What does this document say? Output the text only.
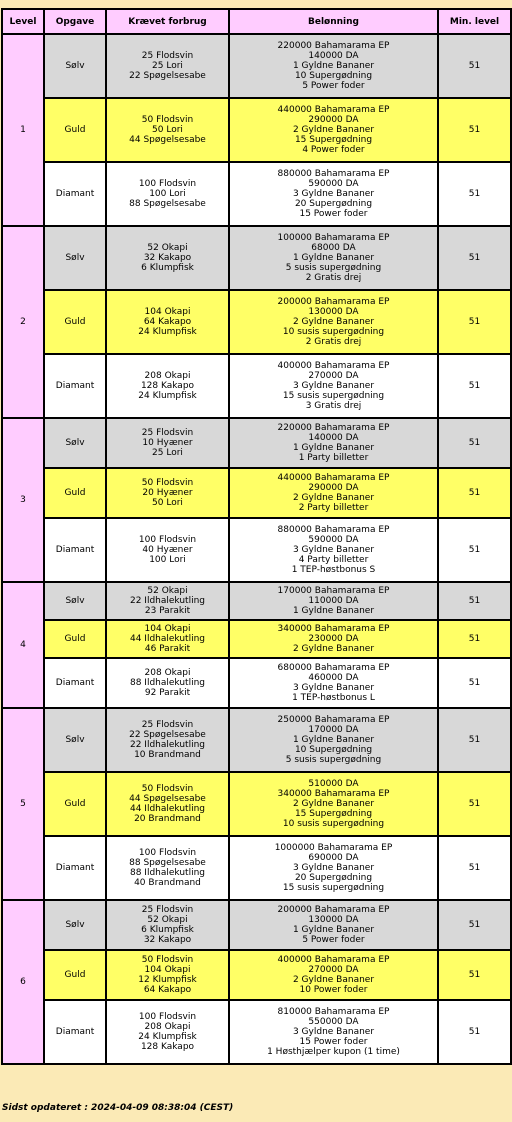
Level	Opgave	Krævet forbrug	Belønning	Min. level
1	Sølv	25 Flodsvin
25 Lori
22 Spøgelsesabe	220000 Bahamarama EP
140000 DA
1 Gyldne Bananer
10 Supergødning
5 Power foder	51
	Guld	50 Flodsvin
50 Lori
44 Spøgelsesabe	440000 Bahamarama EP
290000 DA
2 Gyldne Bananer
15 Supergødning
4 Power foder	51
	Diamant	100 Flodsvin
100 Lori
88 Spøgelsesabe	880000 Bahamarama EP
590000 DA
3 Gyldne Bananer
20 Supergødning
15 Power foder	51
2	Sølv	52 Okapi
32 Kakapo
6 Klumpfisk	100000 Bahamarama EP
68000 DA
1 Gyldne Bananer
5 susis supergødning
2 Gratis drej	51
	Guld	104 Okapi
64 Kakapo
24 Klumpfisk	200000 Bahamarama EP
130000 DA
2 Gyldne Bananer
10 susis supergødning
2 Gratis drej	51
	Diamant	208 Okapi
128 Kakapo
24 Klumpfisk	400000 Bahamarama EP
270000 DA
3 Gyldne Bananer
15 susis supergødning
3 Gratis drej	51
3	Sølv	25 Flodsvin
10 Hyæner
25 Lori	220000 Bahamarama EP
140000 DA
1 Gyldne Bananer
1 Party billetter	51
	Guld	50 Flodsvin
20 Hyæner
50 Lori	440000 Bahamarama EP
290000 DA
2 Gyldne Bananer
2 Party billetter	51
	Diamant	100 Flodsvin
40 Hyæner
100 Lori	880000 Bahamarama EP
590000 DA
3 Gyldne Bananer
4 Party billetter
1 TEP-høstbonus S	51
4	Sølv	52 Okapi
22 Ildhalekutling
23 Parakit	170000 Bahamarama EP
110000 DA
1 Gyldne Bananer	51
	Guld	104 Okapi
44 Ildhalekutling
46 Parakit	340000 Bahamarama EP
230000 DA
2 Gyldne Bananer	51
	Diamant	208 Okapi
88 Ildhalekutling
92 Parakit	680000 Bahamarama EP
460000 DA
3 Gyldne Bananer
1 TEP-høstbonus L	51
5	Sølv	25 Flodsvin
22 Spøgelsesabe
22 Ildhalekutling
10 Brandmand	250000 Bahamarama EP
170000 DA
1 Gyldne Bananer
10 Supergødning
5 susis supergødning	51
	Guld	50 Flodsvin
44 Spøgelsesabe
44 Ildhalekutling
20 Brandmand	510000 DA
340000 Bahamarama EP
2 Gyldne Bananer
15 Supergødning
10 susis supergødning	51
	Diamant	100 Flodsvin
88 Spøgelsesabe
88 Ildhalekutling
40 Brandmand	1000000 Bahamarama EP
690000 DA
3 Gyldne Bananer
20 Supergødning
15 susis supergødning	51
6	Sølv	25 Flodsvin
52 Okapi
6 Klumpfisk
32 Kakapo	200000 Bahamarama EP
130000 DA
1 Gyldne Bananer
5 Power foder	51
	Guld	50 Flodsvin
104 Okapi
12 Klumpfisk
64 Kakapo	400000 Bahamarama EP
270000 DA
2 Gyldne Bananer
10 Power foder	51
	Diamant	100 Flodsvin
208 Okapi
24 Klumpfisk
128 Kakapo	810000 Bahamarama EP
550000 DA
3 Gyldne Bananer
15 Power foder
1 Høsthjælper kupon (1 time)	51
Sidst opdateret : 2024-04-09 08:38:04 (CEST)
